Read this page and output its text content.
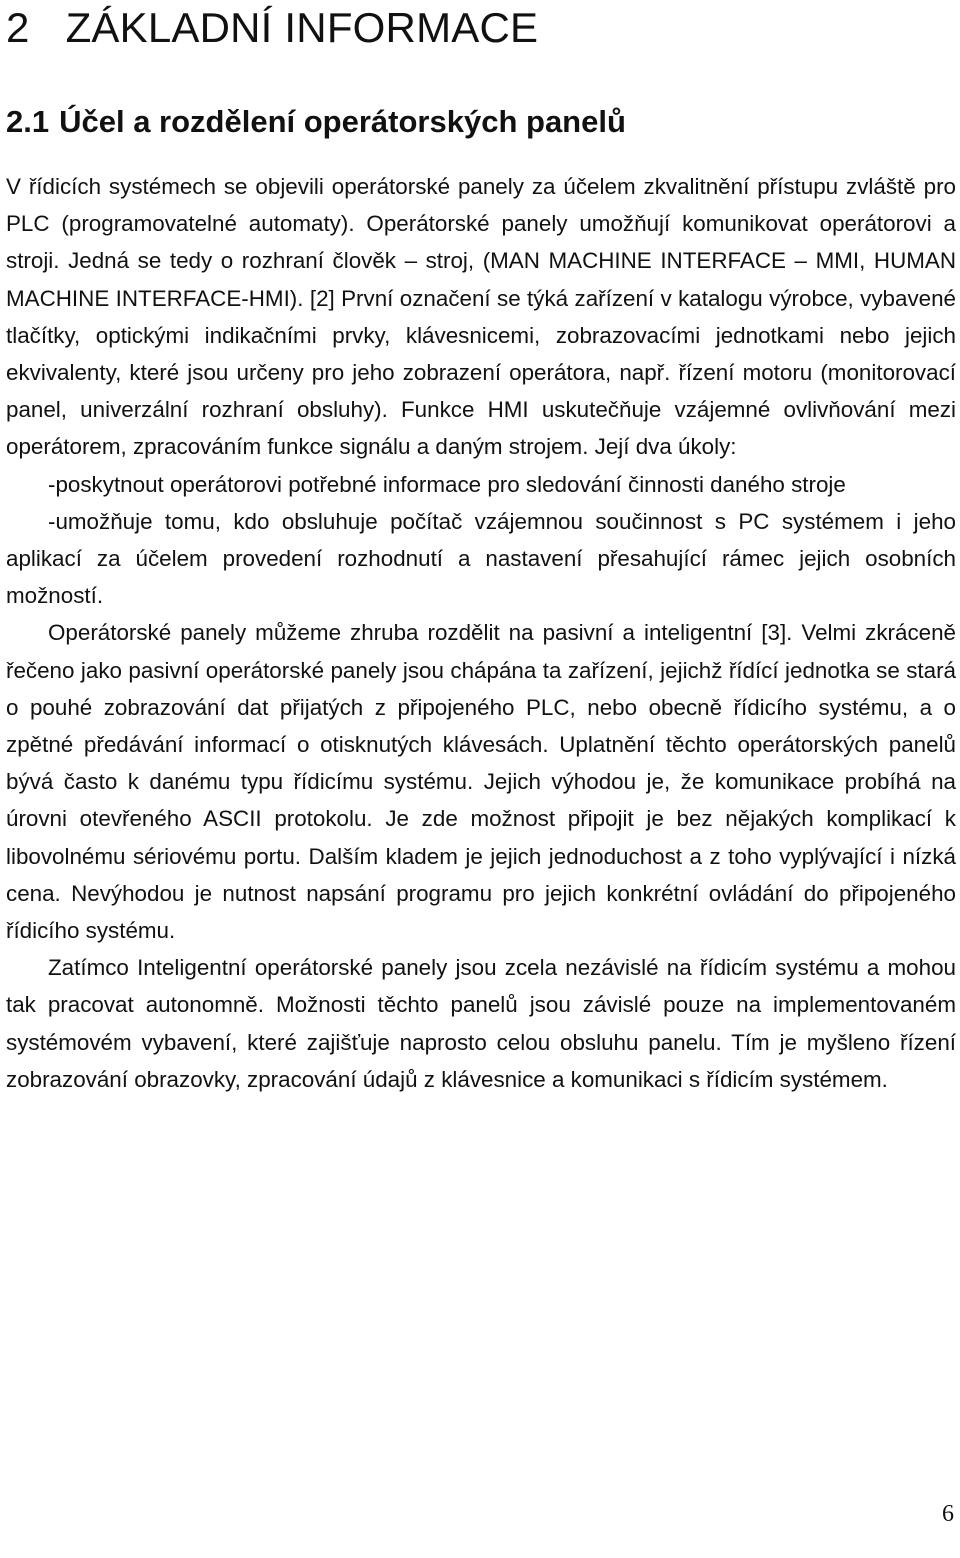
2 ZÁKLADNÍ INFORMACE
2.1 Účel a rozdělení operátorských panelů

V řídicích systémech se objevili operátorské panely za účelem zkvalitnění přístupu zvláště pro PLC (programovatelné automaty). Operátorské panely umožňují komunikovat operátorovi a stroji. Jedná se tedy o rozhraní člověk – stroj, (MAN MACHINE INTERFACE – MMI, HUMAN MACHINE INTERFACE-HMI). [2] První označení se týká zařízení v katalogu výrobce, vybavené tlačítky, optickými indikačními prvky, klávesnicemi, zobrazovacími jednotkami nebo jejich ekvivalenty, které jsou určeny pro jeho zobrazení operátora, např. řízení motoru (monitorovací panel, univerzální rozhraní obsluhy). Funkce HMI uskutečňuje vzájemné ovlivňování mezi operátorem, zpracováním funkce signálu a daným strojem. Její dva úkoly:

-poskytnout operátorovi potřebné informace pro sledování činnosti daného stroje

-umožňuje tomu, kdo obsluhuje počítač vzájemnou součinnost s PC systémem i jeho aplikací za účelem provedení rozhodnutí a nastavení přesahující rámec jejich osobních možností.

Operátorské panely můžeme zhruba rozdělit na pasivní a inteligentní [3]. Velmi zkráceně řečeno jako pasivní operátorské panely jsou chápána ta zařízení, jejichž řídící jednotka se stará o pouhé zobrazování dat přijatých z připojeného PLC, nebo obecně řídicího systému, a o zpětné předávání informací o otisknutých klávesách. Uplatnění těchto operátorských panelů bývá často k danému typu řídicímu systému. Jejich výhodou je, že komunikace probíhá na úrovni otevřeného ASCII protokolu. Je zde možnost připojit je bez nějakých komplikací k libovolnému sériovému portu. Dalším kladem je jejich jednoduchost a z toho vyplývající i nízká cena. Nevýhodou je nutnost napsání programu pro jejich konkrétní ovládání do připojeného řídicího systému.

Zatímco Inteligentní operátorské panely jsou zcela nezávislé na řídicím systému a mohou tak pracovat autonomně. Možnosti těchto panelů jsou závislé pouze na implementovaném systémovém vybavení, které zajišťuje naprosto celou obsluhu panelu. Tím je myšleno řízení zobrazování obrazovky, zpracování údajů z klávesnice a komunikaci s řídicím systémem.

6
